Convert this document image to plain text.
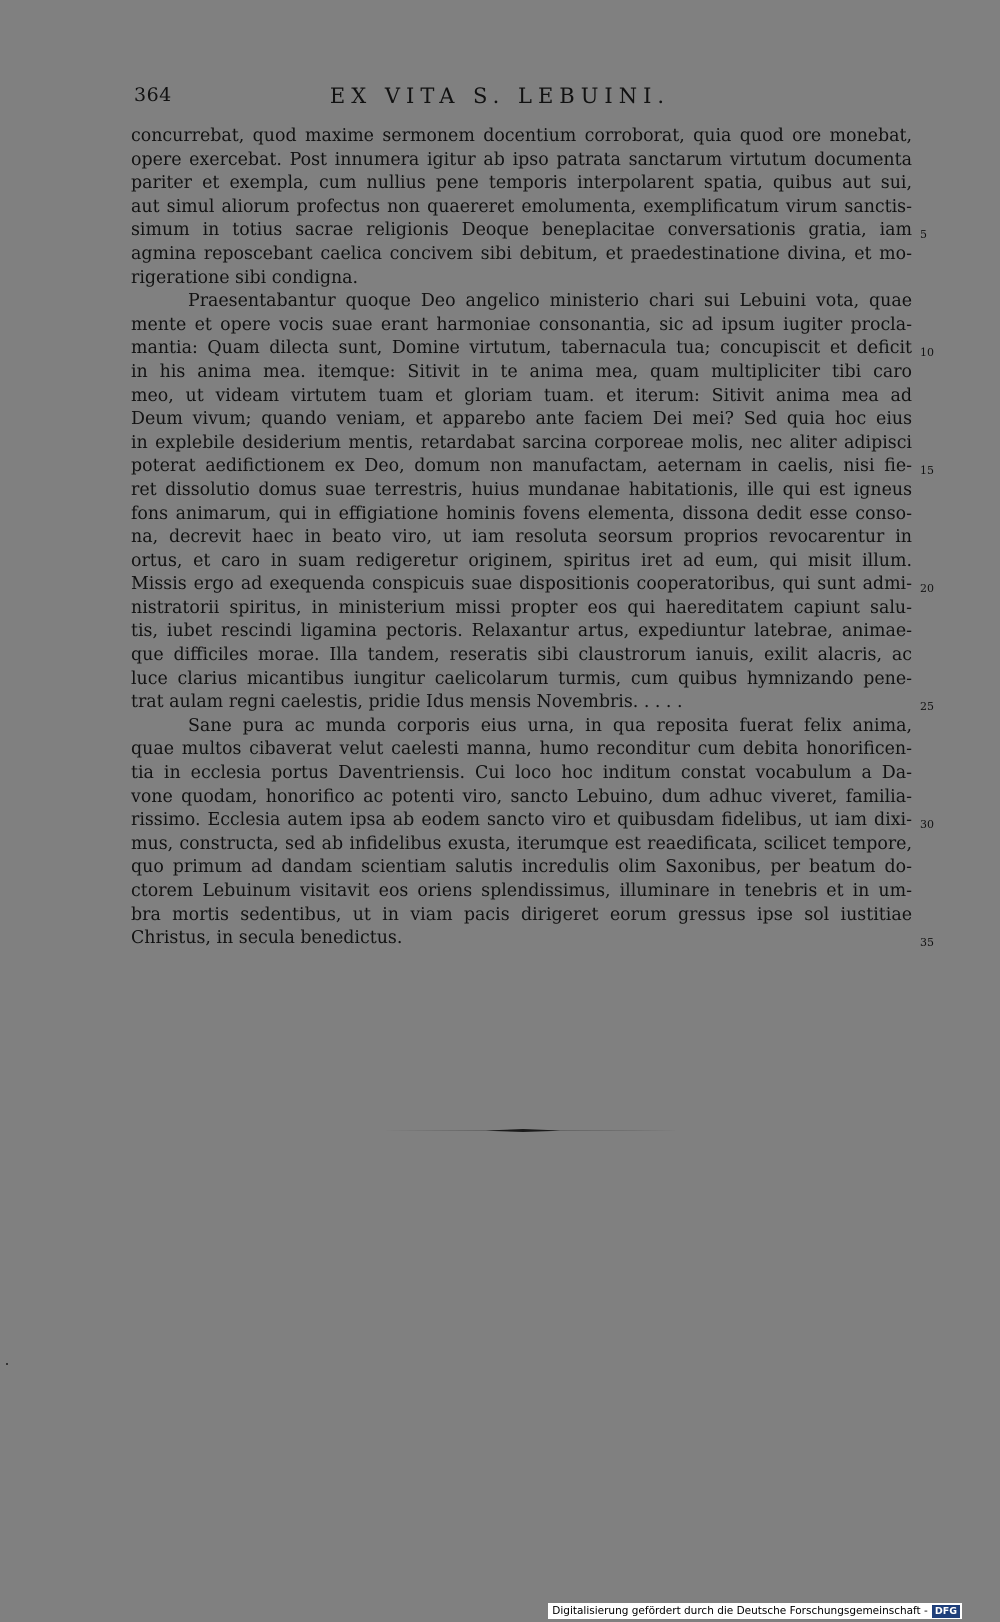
364	EX VITA S. LEBUINI.
concurrebat, quod maxime sermonem docentium corroborat, quia quod ore monebat,
opere exercebat. Post innumera igitur ab ipso patrata sanctarum virtutum documenta
pariter et exempla, cum nullius pene temporis interpolarent spatia, quibus aut sui,
aut simul aliorum profectus non quaereret emolumenta, exemplificatum virum sanctis-
simum in totius sacrae religionis Deoque beneplacitae conversationis gratia, iam
agmina reposcebant caelica concivem sibi debitum, et praedestinatione divina, et mo-
rigeratione sibi condigna.
Praesentabantur quoque Deo angelico ministerio chari sui Lebuini vota, quae
mente et opere vocis suae erant harmoniae consonantia, sic ad ipsum iugiter procla-
mantia: Quam dilecta sunt, Domine virtutum, tabernacula tua; concupiscit et deficit
in his anima mea. itemque: Sitivit in te anima mea, quam multipliciter tibi caro
meo, ut videam virtutem tuam et gloriam tuam. et iterum: Sitivit anima mea ad
Deum vivum; quando veniam, et apparebo ante faciem Dei mei? Sed quia hoc eius
in explebile desiderium mentis, retardabat sarcina corporeae molis, nec aliter adipisci
poterat aedifictionem ex Deo, domum non manufactam, aeternam in caelis, nisi fie-
ret dissolutio domus suae terrestris, huius mundanae habitationis, ille qui est igneus
fons animarum, qui in effigiatione hominis fovens elementa, dissona dedit esse conso-
na, decrevit haec in beato viro, ut iam resoluta seorsum proprios revocarentur in
ortus, et caro in suam redigeretur originem, spiritus iret ad eum, qui misit illum.
Missis ergo ad exequenda conspicuis suae dispositionis cooperatoribus, qui sunt admi-
nistratorii spiritus, in ministerium missi propter eos qui haereditatem capiunt salu-
tis, iubet rescindi ligamina pectoris. Relaxantur artus, expediuntur latebrae, animae-
que difficiles morae. Illa tandem, reseratis sibi claustrorum ianuis, exilit alacris, ac
luce clarius micantibus iungitur caelicolarum turmis, cum quibus hymnizando pene-
trat aulam regni caelestis, pridie Idus mensis Novembris. . . . .
Sane pura ac munda corporis eius urna, in qua reposita fuerat felix anima,
quae multos cibaverat velut caelesti manna, humo reconditur cum debita honorificen-
tia in ecclesia portus Daventriensis. Cui loco hoc inditum constat vocabulum a Da-
vone quodam, honorifico ac potenti viro, sancto Lebuino, dum adhuc viveret, familia-
rissimo. Ecclesia autem ipsa ab eodem sancto viro et quibusdam fidelibus, ut iam dixi-
mus, constructa, sed ab infidelibus exusta, iterumque est reaedificata, scilicet tempore,
quo primum ad dandam scientiam salutis incredulis olim Saxonibus, per beatum do-
ctorem Lebuinum visitavit eos oriens splendissimus, illuminare in tenebris et in um-
bra mortis sedentibus, ut in viam pacis dirigeret eorum gressus ipse sol iustitiae
Christus, in secula benedictus.
5
10
15
20
25
30
35
Digitalisierung gefördert durch die Deutsche Forschungsgemeinschaft - DFG
